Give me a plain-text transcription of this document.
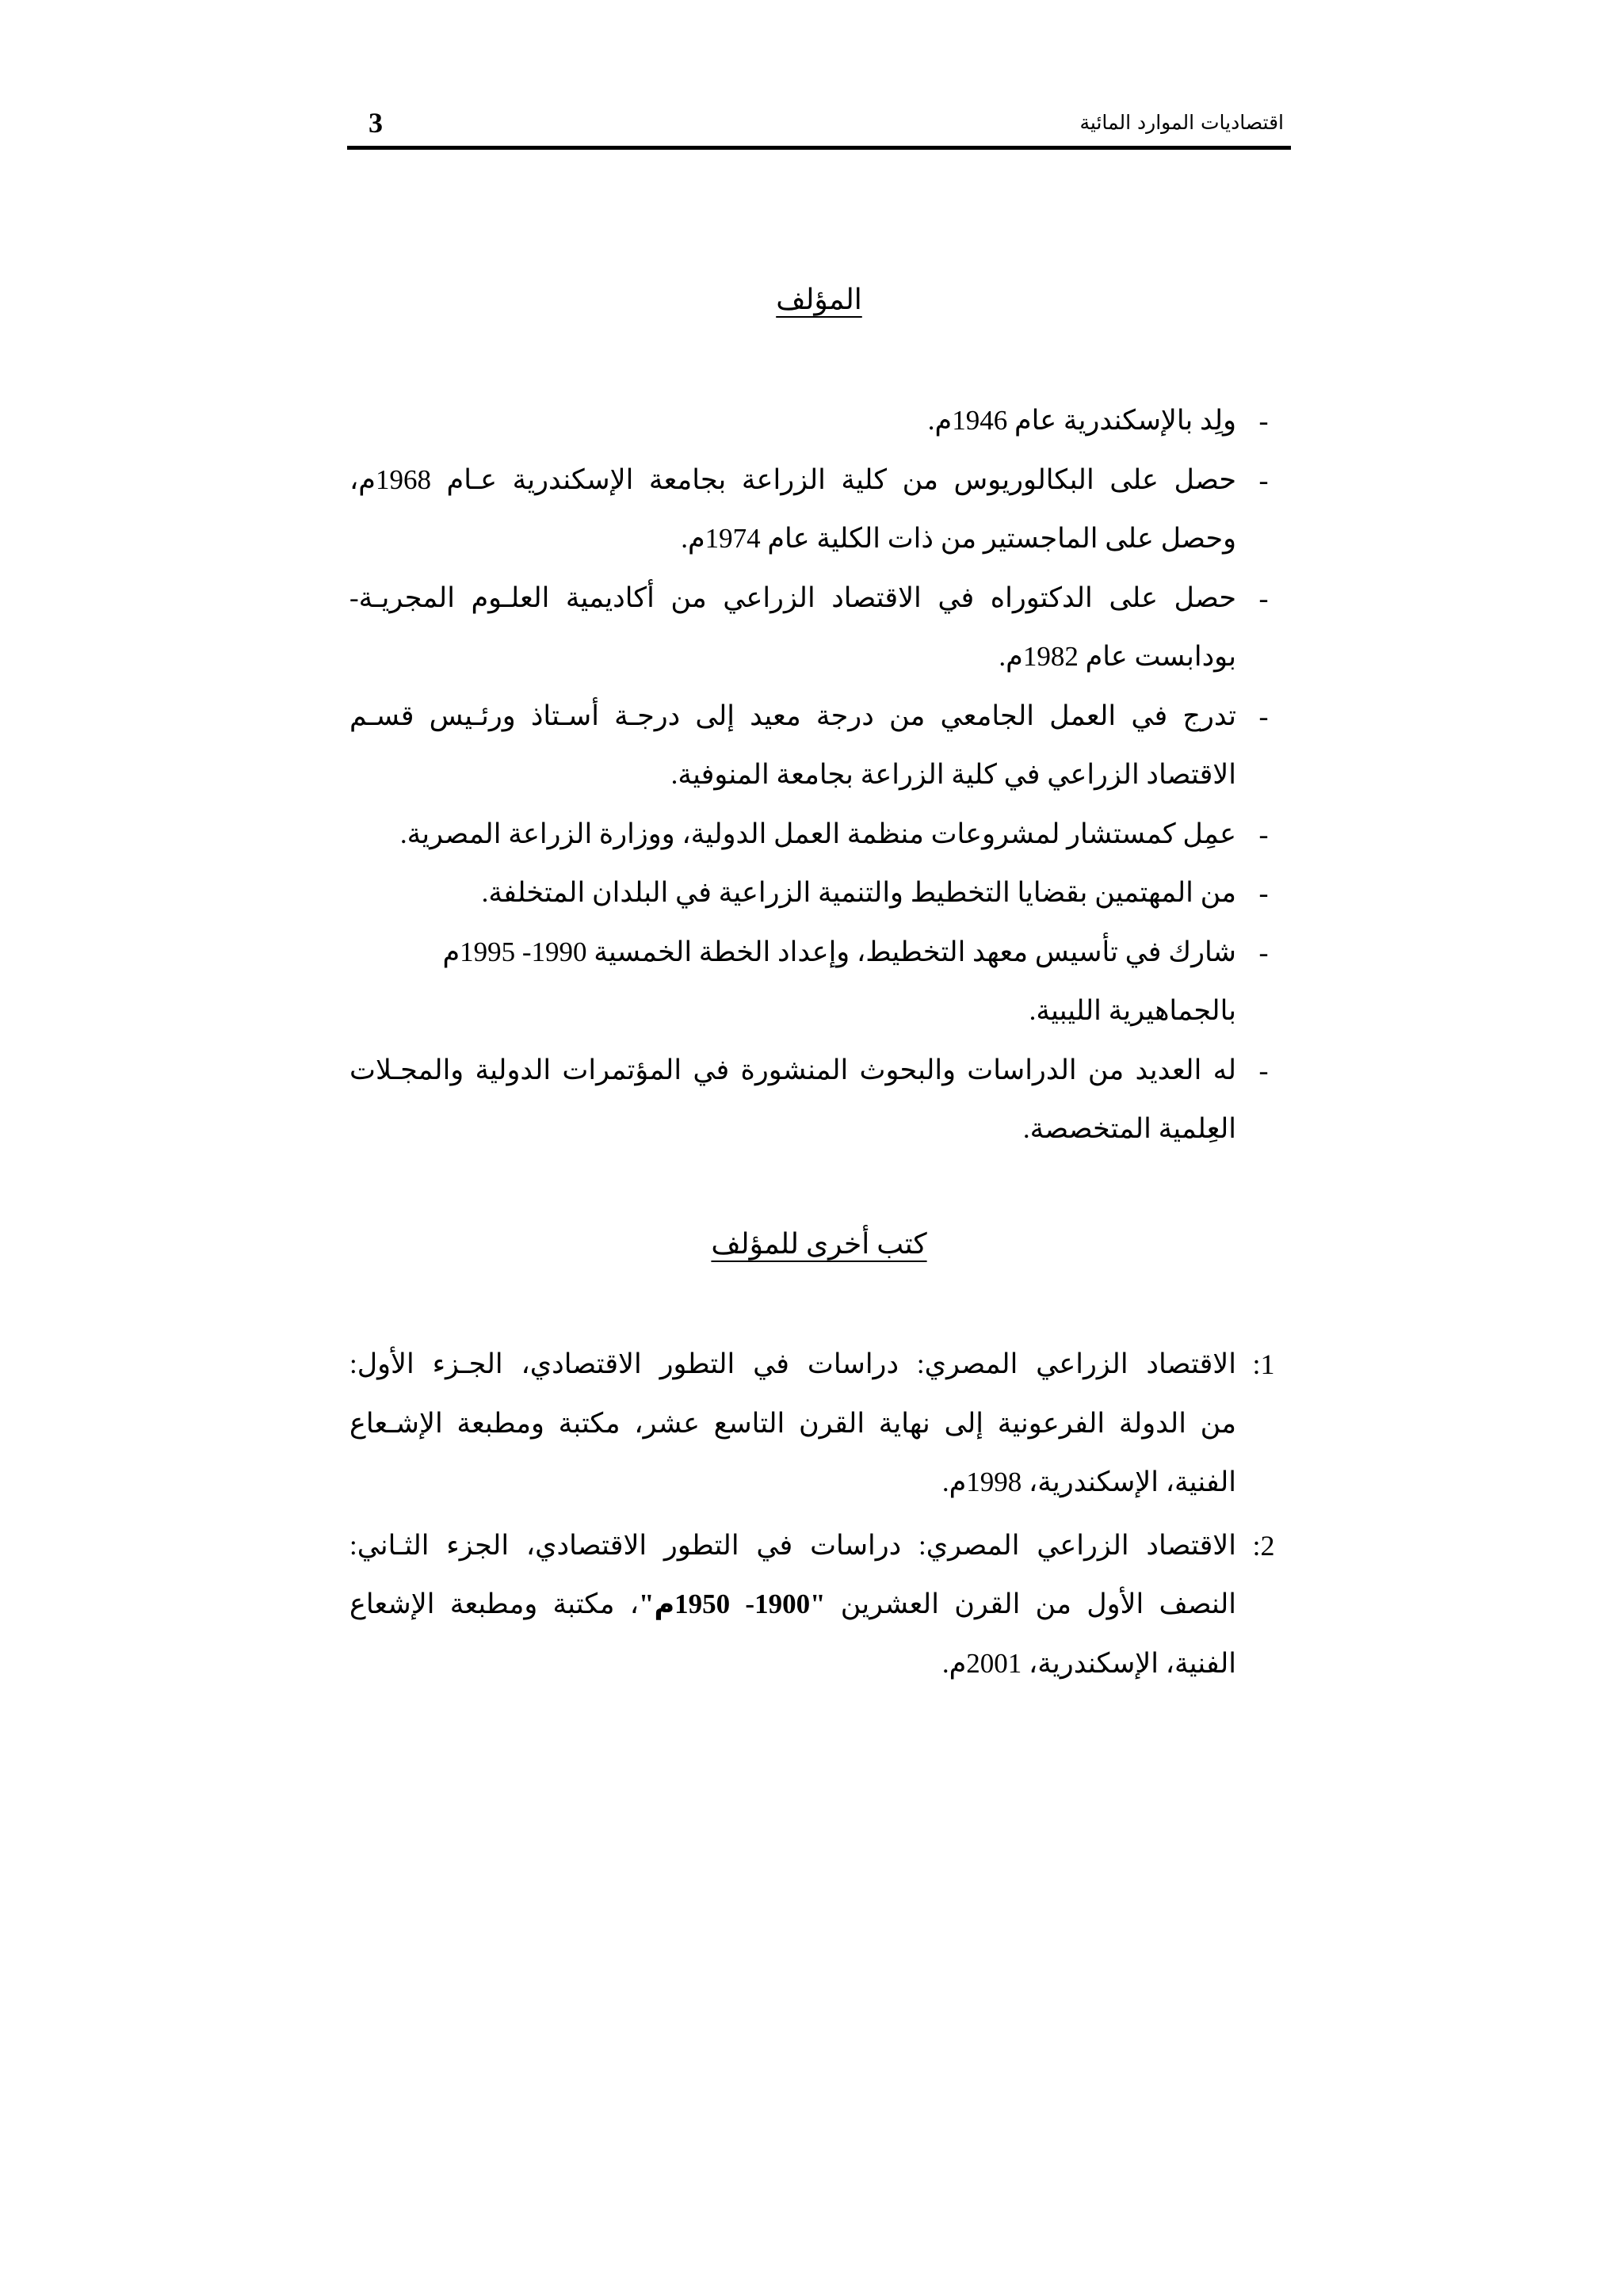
3	اقتصاديات الموارد المائية
المؤلف
-
ولِد بالإسكندرية عام 1946م.
-
حصل على البكالوريوس من كلية الزراعة بجامعة الإسكندرية عـام 1968م،
وحصل على الماجستير من ذات الكلية عام 1974م.
-
حصل على الدكتوراه في الاقتصاد الزراعي من أكاديمية العلـوم المجريـة-
بودابست عام 1982م.
-
تدرج في العمل الجامعي من درجة معيد إلى درجـة أسـتاذ ورئـيس قسـم
الاقتصاد الزراعي في كلية الزراعة بجامعة المنوفية.
-
عمِل كمستشار لمشروعات منظمة العمل الدولية، ووزارة الزراعة المصرية.
-
من المهتمين بقضايا التخطيط والتنمية الزراعية في البلدان المتخلفة.
-
شارك في تأسيس معهد التخطيط، وإعداد الخطة الخمسية 1990- 1995م
بالجماهيرية الليبية.
-
له العديد من الدراسات والبحوث المنشورة في المؤتمرات الدولية والمجـلات
العِلمية المتخصصة.
كتب أخرى للمؤلف
1:
الاقتصاد الزراعي المصري: دراسات في التطور الاقتصادي، الجـزء الأول:
من الدولة الفرعونية إلى نهاية القرن التاسع عشر، مكتبة ومطبعة الإشـعاع
الفنية، الإسكندرية، 1998م.
2:
الاقتصاد الزراعي المصري: دراسات في التطور الاقتصادي، الجزء الثـاني:
النصف الأول من القرن العشرين "1900- 1950م"، مكتبة ومطبعة الإشعاع
الفنية، الإسكندرية، 2001م.
